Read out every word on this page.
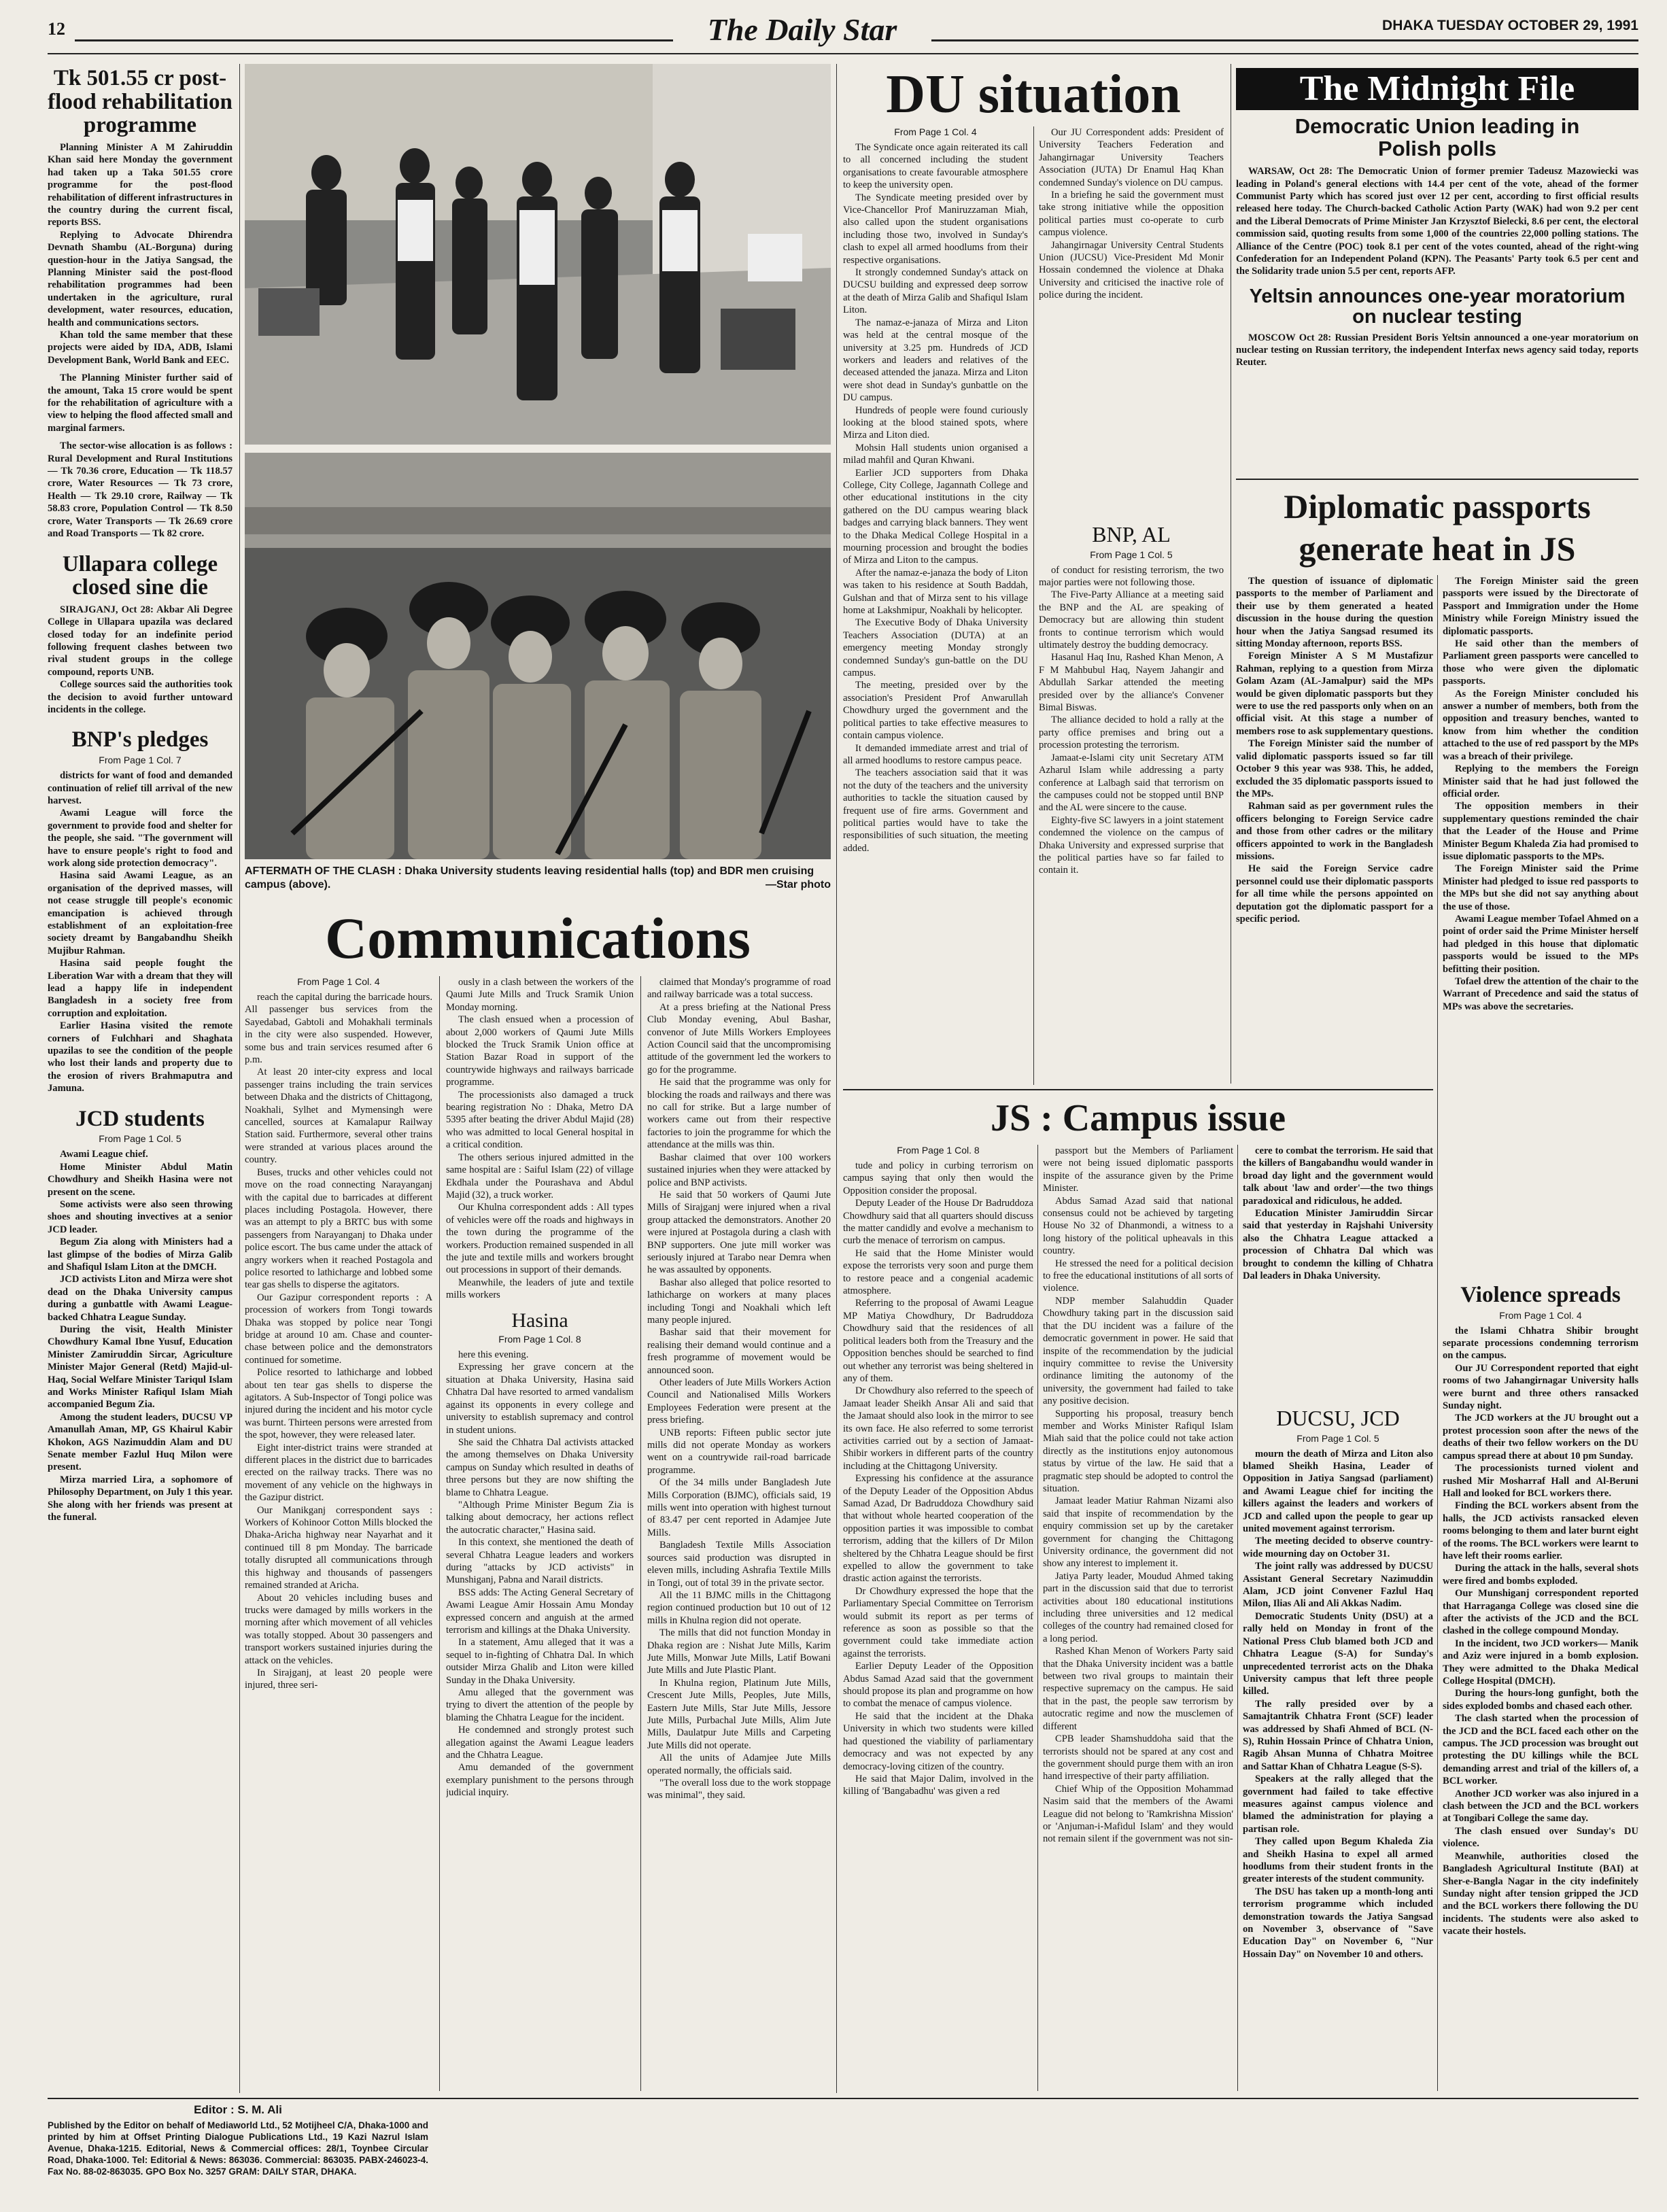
12	The Daily Star	DHAKA TUESDAY OCTOBER 29, 1991
Tk 501.55 cr post-flood rehabilitation programme

Planning Minister A M Zahiruddin Khan said here Monday the government had taken up a Taka 501.55 crore programme for the post-flood rehabilitation of different infrastructures in the country during the current fiscal, reports BSS.

Replying to Advocate Dhirendra Devnath Shambu (AL-Borguna) during question-hour in the Jatiya Sangsad, the Planning Minister said the post-flood rehabilitation programmes had been undertaken in the agriculture, rural development, water resources, education, health and communications sectors.

Khan told the same member that these projects were aided by IDA, ADB, Islami Development Bank, World Bank and EEC.

The Planning Minister further said of the amount, Taka 15 crore would be spent for the rehabilitation of agriculture with a view to helping the flood affected small and marginal farmers.

The sector-wise allocation is as follows : Rural Development and Rural Institutions — Tk 70.36 crore, Education — Tk 118.57 crore, Water Resources — Tk 73 crore, Health — Tk 29.10 crore, Railway — Tk 58.83 crore, Population Control — Tk 8.50 crore, Water Transports — Tk 26.69 crore and Road Transports — Tk 82 crore.

Ullapara college closed sine die

SIRAJGANJ, Oct 28: Akbar Ali Degree College in Ullapara upazila was declared closed today for an indefinite period following frequent clashes between two rival student groups in the college compound, reports UNB.

College sources said the authorities took the decision to avoid further untoward incidents in the college.

BNP's pledges
From Page 1 Col. 7

districts for want of food and demanded continuation of relief till arrival of the new harvest.

Awami League will force the government to provide food and shelter for the people, she said. "The government will have to ensure people's right to food and work along side protection democracy".

Hasina said Awami League, as an organisation of the deprived masses, will not cease struggle till people's economic emancipation is achieved through establishment of an exploitation-free society dreamt by Bangabandhu Sheikh Mujibur Rahman.

Hasina said people fought the Liberation War with a dream that they will lead a happy life in independent Bangladesh in a society free from corruption and exploitation.

Earlier Hasina visited the remote corners of Fulchhari and Shaghata upazilas to see the condition of the people who lost their lands and property due to the erosion of rivers Brahmaputra and Jamuna.

JCD students
From Page 1 Col. 5

Awami League chief.

Home Minister Abdul Matin Chowdhury and Sheikh Hasina were not present on the scene.

Some activists were also seen throwing shoes and shouting invectives at a senior JCD leader.

Begum Zia along with Ministers had a last glimpse of the bodies of Mirza Galib and Shafiqul Islam Liton at the DMCH.

JCD activists Liton and Mirza were shot dead on the Dhaka University campus during a gunbattle with Awami League-backed Chhatra League Sunday.

During the visit, Health Minister Chowdhury Kamal Ibne Yusuf, Education Minister Zamiruddin Sircar, Agriculture Minister Major General (Retd) Majid-ul-Haq, Social Welfare Minister Tariqul Islam and Works Minister Rafiqul Islam Miah accompanied Begum Zia.

Among the student leaders, DUCSU VP Amanullah Aman, MP, GS Khairul Kabir Khokon, AGS Nazimuddin Alam and DU Senate member Fazlul Huq Milon were present.

Mirza married Lira, a sophomore of Philosophy Department, on July 1 this year. She along with her friends was present at the funeral.

AFTERMATH OF THE CLASH : Dhaka University students leaving residential halls (top) and BDR men cruising campus (above).	—Star photo
Communications
From Page 1 Col. 4

reach the capital during the barricade hours. All passenger bus services from the Sayedabad, Gabtoli and Mohakhali terminals in the city were also suspended. However, some bus and train services resumed after 6 p.m.

At least 20 inter-city express and local passenger trains including the train services between Dhaka and the districts of Chittagong, Noakhali, Sylhet and Mymensingh were cancelled, sources at Kamalapur Railway Station said. Furthermore, several other trains were stranded at various places around the country.

Buses, trucks and other vehicles could not move on the road connecting Narayanganj with the capital due to barricades at different places including Postagola. However, there was an attempt to ply a BRTC bus with some passengers from Narayanganj to Dhaka under police escort. The bus came under the attack of angry workers when it reached Postagola and police resorted to lathicharge and lobbed some tear gas shells to disperse the agitators.

Our Gazipur correspondent reports : A procession of workers from Tongi towards Dhaka was stopped by police near Tongi bridge at around 10 am. Chase and counter-chase between police and the demonstrators continued for sometime.

Police resorted to lathicharge and lobbed about ten tear gas shells to disperse the agitators. A Sub-Inspector of Tongi police was injured during the incident and his motor cycle was burnt. Thirteen persons were arrested from the spot, however, they were released later.

Eight inter-district trains were stranded at different places in the district due to barricades erected on the railway tracks. There was no movement of any vehicle on the highways in the Gazipur district.

Our Manikganj correspondent says : Workers of Kohinoor Cotton Mills blocked the Dhaka-Aricha highway near Nayarhat and it continued till 8 pm Monday. The barricade totally disrupted all communications through this highway and thousands of passengers remained stranded at Aricha.

About 20 vehicles including buses and trucks were damaged by mills workers in the morning after which movement of all vehicles was totally stopped. About 30 passengers and transport workers sustained injuries during the attack on the vehicles.

In Sirajganj, at least 20 people were injured, three seri-

ously in a clash between the workers of the Qaumi Jute Mills and Truck Sramik Union Monday morning.

The clash ensued when a procession of about 2,000 workers of Qaumi Jute Mills blocked the Truck Sramik Union office at Station Bazar Road in support of the countrywide highways and railways barricade programme.

The processionists also damaged a truck bearing registration No : Dhaka, Metro DA 5395 after beating the driver Abdul Majid (28) who was admitted to local General hospital in a critical condition.

The others serious injured admitted in the same hospital are : Saiful Islam (22) of village Ekdhala under the Pourashava and Abdul Majid (32), a truck worker.

Our Khulna correspondent adds : All types of vehicles were off the roads and highways in the town during the programme of the workers. Production remained suspended in all the jute and textile mills and workers brought out processions in support of their demands.

Meanwhile, the leaders of jute and textile mills workers

Hasina
From Page 1 Col. 8

here this evening.

Expressing her grave concern at the situation at Dhaka University, Hasina said Chhatra Dal have resorted to armed vandalism against its opponents in every college and university to establish supremacy and control in student unions.

She said the Chhatra Dal activists attacked the among themselves on Dhaka University campus on Sunday which resulted in deaths of three persons but they are now shifting the blame to Chhatra League.

"Although Prime Minister Begum Zia is talking about democracy, her actions reflect the autocratic character," Hasina said.

In this context, she mentioned the death of several Chhatra League leaders and workers during "attacks by JCD activists" in Munshiganj, Pabna and Narail districts.

BSS adds: The Acting General Secretary of Awami League Amir Hossain Amu Monday expressed concern and anguish at the armed terrorism and killings at the Dhaka University.

In a statement, Amu alleged that it was a sequel to in-fighting of Chhatra Dal. In which outsider Mirza Ghalib and Liton were killed Sunday in the Dhaka University.

Amu alleged that the government was trying to divert the attention of the people by blaming the Chhatra League for the incident.

He condemned and strongly protest such allegation against the Awami League leaders and the Chhatra League.

Amu demanded of the government exemplary punishment to the persons through judicial inquiry.

claimed that Monday's programme of road and railway barricade was a total success.

At a press briefing at the National Press Club Monday evening, Abul Bashar, convenor of Jute Mills Workers Employees Action Council said that the uncompromising attitude of the government led the workers to go for the programme.

He said that the programme was only for blocking the roads and railways and there was no call for strike. But a large number of workers came out from their respective factories to join the programme for which the attendance at the mills was thin.

Bashar claimed that over 100 workers sustained injuries when they were attacked by police and BNP activists.

He said that 50 workers of Qaumi Jute Mills of Sirajganj were injured when a rival group attacked the demonstrators. Another 20 were injured at Postagola during a clash with BNP supporters. One jute mill worker was seriously injured at Tarabo near Demra when he was assaulted by opponents.

Bashar also alleged that police resorted to lathicharge on workers at many places including Tongi and Noakhali which left many people injured.

Bashar said that their movement for realising their demand would continue and a fresh programme of movement would be announced soon.

Other leaders of Jute Mills Workers Action Council and Nationalised Mills Workers Employees Federation were present at the press briefing.

UNB reports: Fifteen public sector jute mills did not operate Monday as workers went on a countrywide rail-road barricade programme.

Of the 34 mills under Bangladesh Jute Mills Corporation (BJMC), officials said, 19 mills went into operation with highest turnout of 83.47 per cent reported in Adamjee Jute Mills.

Bangladesh Textile Mills Association sources said production was disrupted in eleven mills, including Ashrafia Textile Mills in Tongi, out of total 39 in the private sector.

All the 11 BJMC mills in the Chittagong region continued production but 10 out of 12 mills in Khulna region did not operate.

The mills that did not function Monday in Dhaka region are : Nishat Jute Mills, Karim Jute Mills, Monwar Jute Mills, Latif Bowani Jute Mills and Jute Plastic Plant.

In Khulna region, Platinum Jute Mills, Crescent Jute Mills, Peoples, Jute Mills, Eastern Jute Mills, Star Jute Mills, Jessore Jute Mills, Purbachal Jute Mills, Alim Jute Mills, Daulatpur Jute Mills and Carpeting Jute Mills did not operate.

All the units of Adamjee Jute Mills operated normally, the officials said.

"The overall loss due to the work stoppage was minimal", they said.

DU situation
From Page 1 Col. 4

The Syndicate once again reiterated its call to all concerned including the student organisations to create favourable atmosphere to keep the university open.

The Syndicate meeting presided over by Vice-Chancellor Prof Maniruzzaman Miah, also called upon the student organisations including those two, involved in Sunday's clash to expel all armed hoodlums from their respective organisations.

It strongly condemned Sunday's attack on DUCSU building and expressed deep sorrow at the death of Mirza Galib and Shafiqul Islam Liton.

The namaz-e-janaza of Mirza and Liton was held at the central mosque of the university at 3.25 pm. Hundreds of JCD workers and leaders and relatives of the deceased attended the janaza. Mirza and Liton were shot dead in Sunday's gunbattle on the DU campus.

Hundreds of people were found curiously looking at the blood stained spots, where Mirza and Liton died.

Mohsin Hall students union organised a milad mahfil and Quran Khwani.

Earlier JCD supporters from Dhaka College, City College, Jagannath College and other educational institutions in the city gathered on the DU campus wearing black badges and carrying black banners. They went to the Dhaka Medical College Hospital in a mourning procession and brought the bodies of Mirza and Liton to the campus.

After the namaz-e-janaza the body of Liton was taken to his residence at South Baddah, Gulshan and that of Mirza sent to his village home at Lakshmipur, Noakhali by helicopter.

The Executive Body of Dhaka University Teachers Association (DUTA) at an emergency meeting Monday strongly condemned Sunday's gun-battle on the DU campus.

The meeting, presided over by the association's President Prof Anwarullah Chowdhury urged the government and the political parties to take effective measures to contain campus violence.

It demanded immediate arrest and trial of all armed hoodlums to restore campus peace.

The teachers association said that it was not the duty of the teachers and the university authorities to tackle the situation caused by frequent use of fire arms. Government and political parties would have to take the responsibilities of such situation, the meeting added.

Our JU Correspondent adds: President of University Teachers Federation and Jahangirnagar University Teachers Association (JUTA) Dr Enamul Haq Khan condemned Sunday's violence on DU campus.

In a briefing he said the government must take strong initiative while the opposition political parties must co-operate to curb campus violence.

Jahangirnagar University Central Students Union (JUCSU) Vice-President Md Monir Hossain condemned the violence at Dhaka University and criticised the inactive role of police during the incident.

BNP, AL
From Page 1 Col. 5

of conduct for resisting terrorism, the two major parties were not following those.

The Five-Party Alliance at a meeting said the BNP and the AL are speaking of Democracy but are allowing thin student fronts to continue terrorism which would ultimately destroy the budding democracy.

Hasanul Haq Inu, Rashed Khan Menon, A F M Mahbubul Haq, Nayem Jahangir and Abdullah Sarkar attended the meeting presided over by the alliance's Convener Bimal Biswas.

The alliance decided to hold a rally at the party office premises and bring out a procession protesting the terrorism.

Jamaat-e-Islami city unit Secretary ATM Azharul Islam while addressing a party conference at Lalbagh said that terrorism on the campuses could not be stopped until BNP and the AL were sincere to the cause.

Eighty-five SC lawyers in a joint statement condemned the violence on the campus of Dhaka University and expressed surprise that the political parties have so far failed to contain it.

The Midnight File
Democratic Union leading in Polish polls

WARSAW, Oct 28: The Democratic Union of former premier Tadeusz Mazowiecki was leading in Poland's general elections with 14.4 per cent of the vote, ahead of the former Communist Party which has scored just over 12 per cent, according to first official results released here today. The Church-backed Catholic Action Party (WAK) had won 9.2 per cent and the Liberal Democrats of Prime Minister Jan Krzysztof Bielecki, 8.6 per cent, the electoral commission said, quoting results from some 1,000 of the countries 22,000 polling stations. The Alliance of the Centre (POC) took 8.1 per cent of the votes counted, ahead of the right-wing Confederation for an Independent Poland (KPN). The Peasants' Party took 6.5 per cent and the Solidarity trade union 5.5 per cent, reports AFP.

Yeltsin announces one-year moratorium on nuclear testing

MOSCOW Oct 28: Russian President Boris Yeltsin announced a one-year moratorium on nuclear testing on Russian territory, the independent Interfax news agency said today, reports Reuter.

Diplomatic passports generate heat in JS

The question of issuance of diplomatic passports to the member of Parliament and their use by them generated a heated discussion in the house during the question hour when the Jatiya Sangsad resumed its sitting Monday afternoon, reports BSS.

Foreign Minister A S M Mustafizur Rahman, replying to a question from Mirza Golam Azam (AL-Jamalpur) said the MPs would be given diplomatic passports but they were to use the red passports only when on an official visit. At this stage a number of members rose to ask supplementary questions.

The Foreign Minister said the number of valid diplomatic passports issued so far till October 9 this year was 938. This, he added, excluded the 35 diplomatic passports issued to the MPs.

Rahman said as per government rules the officers belonging to Foreign Service cadre and those from other cadres or the military officers appointed to work in the Bangladesh missions.

He said the Foreign Service cadre personnel could use their diplomatic passports for all time while the persons appointed on deputation got the diplomatic passport for a specific period.

The Foreign Minister said the green passports were issued by the Directorate of Passport and Immigration under the Home Ministry while Foreign Ministry issued the diplomatic passports.

He said other than the members of Parliament green passports were cancelled to those who were given the diplomatic passports.

As the Foreign Minister concluded his answer a number of members, both from the opposition and treasury benches, wanted to know from him whether the condition attached to the use of red passport by the MPs was a breach of their privilege.

Replying to the members the Foreign Minister said that he had just followed the official order.

The opposition members in their supplementary questions reminded the chair that the Leader of the House and Prime Minister Begum Khaleda Zia had promised to issue diplomatic passports to the MPs.

The Foreign Minister said the Prime Minister had pledged to issue red passports to the MPs but she did not say anything about the use of those.

Awami League member Tofael Ahmed on a point of order said the Prime Minister herself had pledged in this house that diplomatic passports would be issued to the MPs befitting their position.

Tofael drew the attention of the chair to the Warrant of Precedence and said the status of MPs was above the secretaries.

Violence spreads
From Page 1 Col. 4

the Islami Chhatra Shibir brought separate processions condemning terrorism on the campus.

Our JU Correspondent reported that eight rooms of two Jahangirnagar University halls were burnt and three others ransacked Sunday night.

The JCD workers at the JU brought out a protest procession soon after the news of the deaths of their two fellow workers on the DU campus spread there at about 10 pm Sunday.

The processionists turned violent and rushed Mir Mosharraf Hall and Al-Beruni Hall and looked for BCL workers there.

Finding the BCL workers absent from the halls, the JCD activists ransacked eleven rooms belonging to them and later burnt eight of the rooms. The BCL workers were learnt to have left their rooms earlier.

During the attack in the halls, several shots were fired and bombs exploded.

Our Munshiganj correspondent reported that Harraganga College was closed sine die after the activists of the JCD and the BCL clashed in the college compound Monday.

In the incident, two JCD workers— Manik and Aziz were injured in a bomb explosion. They were admitted to the Dhaka Medical College Hospital (DMCH).

During the hours-long gunfight, both the sides exploded bombs and chased each other.

The clash started when the procession of the JCD and the BCL faced each other on the campus. The JCD procession was brought out protesting the DU killings while the BCL demanding arrest and trial of the killers of, a BCL worker.

Another JCD worker was also injured in a clash between the JCD and the BCL workers at Tongibari College the same day.

The clash ensued over Sunday's DU violence.

Meanwhile, authorities closed the Bangladesh Agricultural Institute (BAI) at Sher-e-Bangla Nagar in the city indefinitely Sunday night after tension gripped the JCD and the BCL workers there following the DU incidents. The students were also asked to vacate their hostels.

JS : Campus issue
From Page 1 Col. 8

tude and policy in curbing terrorism on campus saying that only then would the Opposition consider the proposal.

Deputy Leader of the House Dr Badruddoza Chowdhury said that all quarters should discuss the matter candidly and evolve a mechanism to curb the menace of terrorism on campus.

He said that the Home Minister would expose the terrorists very soon and purge them to restore peace and a congenial academic atmosphere.

Referring to the proposal of Awami League MP Matiya Chowdhury, Dr Badruddoza Chowdhury said that the residences of all political leaders both from the Treasury and the Opposition benches should be searched to find out whether any terrorist was being sheltered in any of them.

Dr Chowdhury also referred to the speech of Jamaat leader Sheikh Ansar Ali and said that the Jamaat should also look in the mirror to see its own face. He also referred to some terrorist activities carried out by a section of Jamaat-Shibir workers in different parts of the country including at the Chittagong University.

Expressing his confidence at the assurance of the Deputy Leader of the Opposition Abdus Samad Azad, Dr Badruddoza Chowdhury said that without whole hearted cooperation of the opposition parties it was impossible to combat terrorism, adding that the killers of Dr Milon sheltered by the Chhatra League should be first expelled to allow the government to take drastic action against the terrorists.

Dr Chowdhury expressed the hope that the Parliamentary Special Committee on Terrorism would submit its report as per terms of reference as soon as possible so that the government could take immediate action against the terrorists.

Earlier Deputy Leader of the Opposition Abdus Samad Azad said that the government should propose its plan and programme on how to combat the menace of campus violence.

He said that the incident at the Dhaka University in which two students were killed had questioned the viability of parliamentary democracy and was not expected by any democracy-loving citizen of the country.

He said that Major Dalim, involved in the killing of 'Bangabadhu' was given a red

passport but the Members of Parliament were not being issued diplomatic passports inspite of the assurance given by the Prime Minister.

Abdus Samad Azad said that national consensus could not be achieved by targeting House No 32 of Dhanmondi, a witness to a long history of the political upheavals in this country.

He stressed the need for a political decision to free the educational institutions of all sorts of violence.

NDP member Salahuddin Quader Chowdhury taking part in the discussion said that the DU incident was a failure of the democratic government in power. He said that inspite of the recommendation by the judicial inquiry committee to revise the University ordinance limiting the autonomy of the university, the government had failed to take any positive decision.

Supporting his proposal, treasury bench member and Works Minister Rafiqul Islam Miah said that the police could not take action directly as the institutions enjoy autonomous status by virtue of the law. He said that a pragmatic step should be adopted to control the situation.

Jamaat leader Matiur Rahman Nizami also said that inspite of recommendation by the enquiry commission set up by the caretaker government for changing the Chittagong University ordinance, the government did not show any interest to implement it.

Jatiya Party leader, Moudud Ahmed taking part in the discussion said that due to terrorist activities about 180 educational institutions including three universities and 12 medical colleges of the country had remained closed for a long period.

Rashed Khan Menon of Workers Party said that the Dhaka University incident was a battle between two rival groups to maintain their respective supremacy on the campus. He said that in the past, the people saw terrorism by autocratic regime and now the musclemen of different

CPB leader Shamshuddoha said that the terrorists should not be spared at any cost and the government should purge them with an iron hand irrespective of their party affiliation.

Chief Whip of the Opposition Mohammad Nasim said that the members of the Awami League did not belong to 'Ramkrishna Mission' or 'Anjuman-i-Mafidul Islam' and they would not remain silent if the government was not sin-

cere to combat the terrorism. He said that the killers of Bangabandhu would wander in broad day light and the government would talk about 'law and order'—the two things paradoxical and ridiculous, he added.

Education Minister Jamiruddin Sircar said that yesterday in Rajshahi University also the Chhatra League attacked a procession of Chhatra Dal which was brought to condemn the killing of Chhatra Dal leaders in Dhaka University.

DUCSU, JCD
From Page 1 Col. 5

mourn the death of Mirza and Liton also blamed Sheikh Hasina, Leader of Opposition in Jatiya Sangsad (parliament) and Awami League chief for inciting the killers against the leaders and workers of JCD and called upon the people to gear up united movement against terrorism.

The meeting decided to observe country-wide mourning day on October 31.

The joint rally was addressed by DUCSU Assistant General Secretary Nazimuddin Alam, JCD joint Convener Fazlul Haq Milon, Ilias Ali and Ali Akkas Nadim.

Democratic Students Unity (DSU) at a rally held on Monday in front of the National Press Club blamed both JCD and Chhatra League (S-A) for Sunday's unprecedented terrorist acts on the Dhaka University campus that left three people killed.

The rally presided over by a Samajtantrik Chhatra Front (SCF) leader was addressed by Shafi Ahmed of BCL (N-S), Ruhin Hossain Prince of Chhatra Union, Ragib Ahsan Munna of Chhatra Moitree and Sattar Khan of Chhatra League (S-S).

Speakers at the rally alleged that the government had failed to take effective measures against campus violence and blamed the administration for playing a partisan role.

They called upon Begum Khaleda Zia and Sheikh Hasina to expel all armed hoodlums from their student fronts in the greater interests of the student community.

The DSU has taken up a month-long anti terrorism programme which included demonstration towards the Jatiya Sangsad on November 3, observance of "Save Education Day" on November 6, "Nur Hossain Day" on November 10 and others.

Editor : S. M. Ali
Published by the Editor on behalf of Mediaworld Ltd., 52 Motijheel C/A, Dhaka-1000 and printed by him at Offset Printing Dialogue Publications Ltd., 19 Kazi Nazrul Islam Avenue, Dhaka-1215. Editorial, News & Commercial offices: 28/1, Toynbee Circular Road, Dhaka-1000. Tel: Editorial & News: 863036. Commercial: 863035. PABX-246023-4. Fax No. 88-02-863035. GPO Box No. 3257 GRAM: DAILY STAR, DHAKA.
